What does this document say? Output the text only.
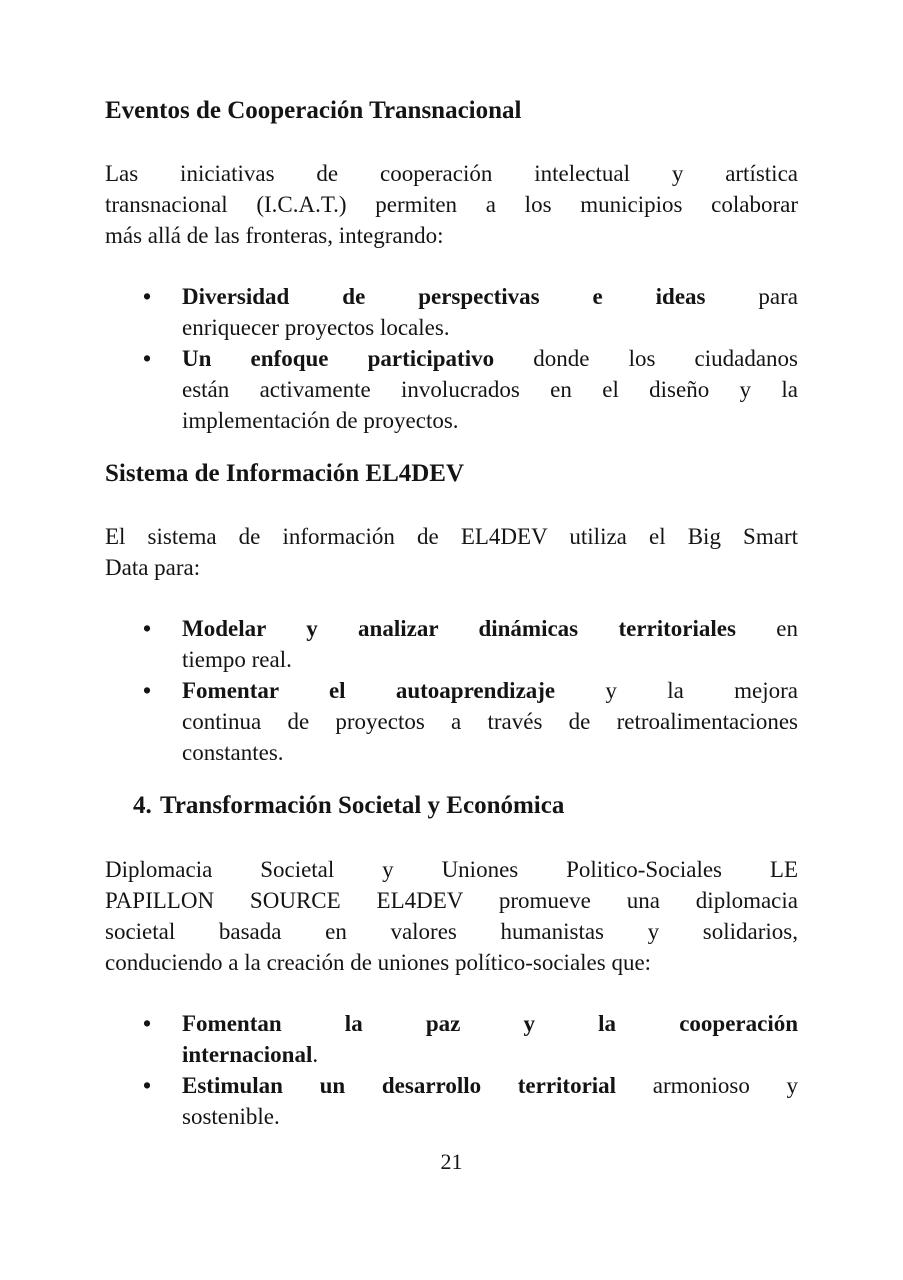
Eventos de Cooperación Transnacional
Las iniciativas de cooperación intelectual y artística
transnacional (I.C.A.T.) permiten a los municipios colaborar
más allá de las fronteras, integrando:
• Diversidad de perspectivas e ideas para
enriquecer proyectos locales.
• Un enfoque participativo donde los ciudadanos
están activamente involucrados en el diseño y la
implementación de proyectos.
Sistema de Información EL4DEV
El sistema de información de EL4DEV utiliza el Big Smart
Data para:
• Modelar y analizar dinámicas territoriales en
tiempo real.
• Fomentar el autoaprendizaje y la mejora
continua de proyectos a través de retroalimentaciones
constantes.
4. Transformación Societal y Económica
Diplomacia Societal y Uniones Politico-Sociales LE
PAPILLON SOURCE EL4DEV promueve una diplomacia
societal basada en valores humanistas y solidarios,
conduciendo a la creación de uniones político-sociales que:
• Fomentan la paz y la cooperación
internacional.
• Estimulan un desarrollo territorial armonioso y
sostenible.
21
